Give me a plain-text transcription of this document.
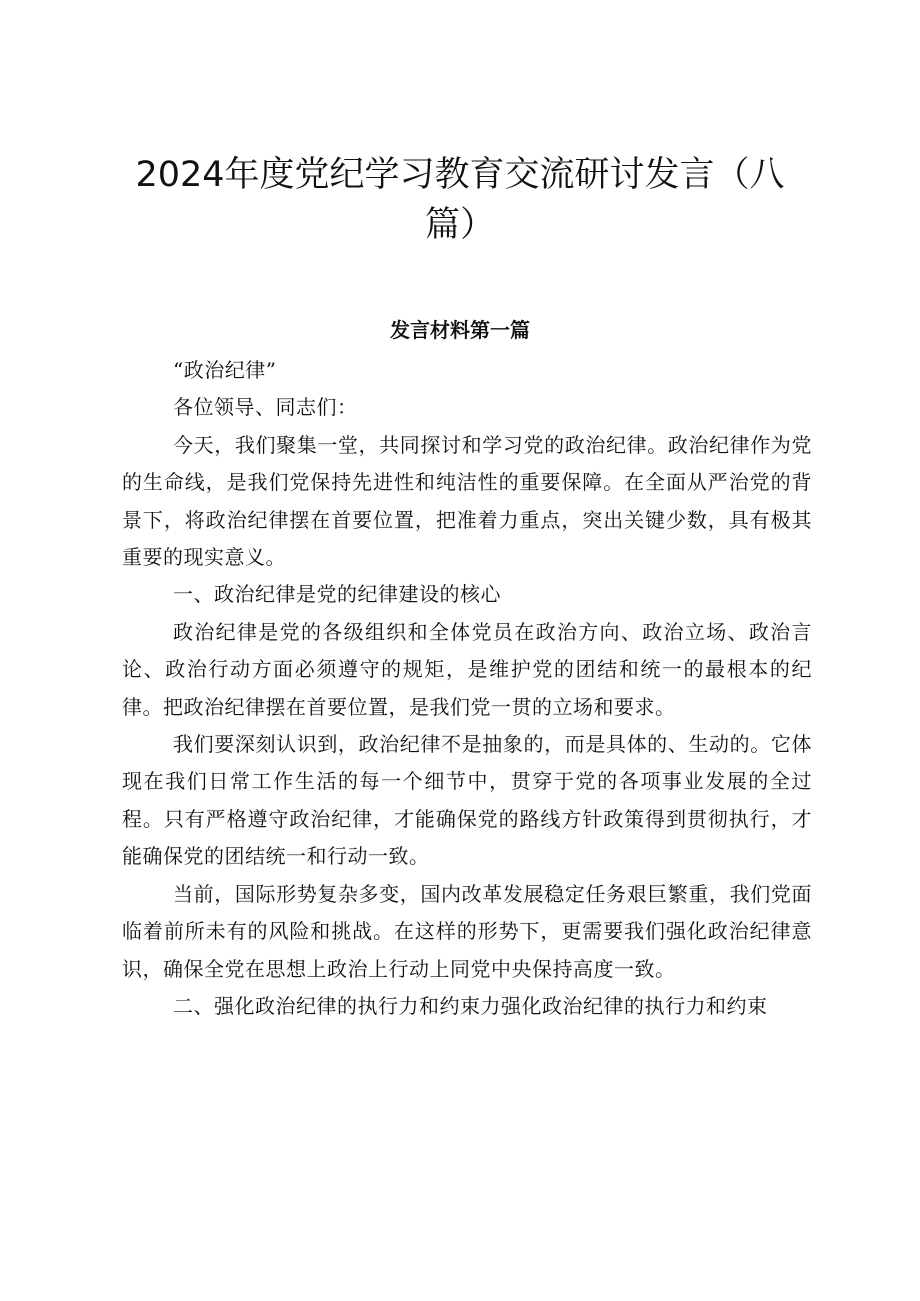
2024年度党纪学习教育交流研讨发言（八篇）
发言材料第一篇

“政治纪律”

各位领导、同志们：

今天，我们聚集一堂，共同探讨和学习党的政治纪律。政治纪律作为党的生命线，是我们党保持先进性和纯洁性的重要保障。在全面从严治党的背景下，将政治纪律摆在首要位置，把准着力重点，突出关键少数，具有极其重要的现实意义。

一、政治纪律是党的纪律建设的核心

政治纪律是党的各级组织和全体党员在政治方向、政治立场、政治言论、政治行动方面必须遵守的规矩，是维护党的团结和统一的最根本的纪律。把政治纪律摆在首要位置，是我们党一贯的立场和要求。

我们要深刻认识到，政治纪律不是抽象的，而是具体的、生动的。它体现在我们日常工作生活的每一个细节中，贯穿于党的各项事业发展的全过程。只有严格遵守政治纪律，才能确保党的路线方针政策得到贯彻执行，才能确保党的团结统一和行动一致。

当前，国际形势复杂多变，国内改革发展稳定任务艰巨繁重，我们党面临着前所未有的风险和挑战。在这样的形势下，更需要我们强化政治纪律意识，确保全党在思想上政治上行动上同党中央保持高度一致。

二、强化政治纪律的执行力和约束力强化政治纪律的执行力和约束
